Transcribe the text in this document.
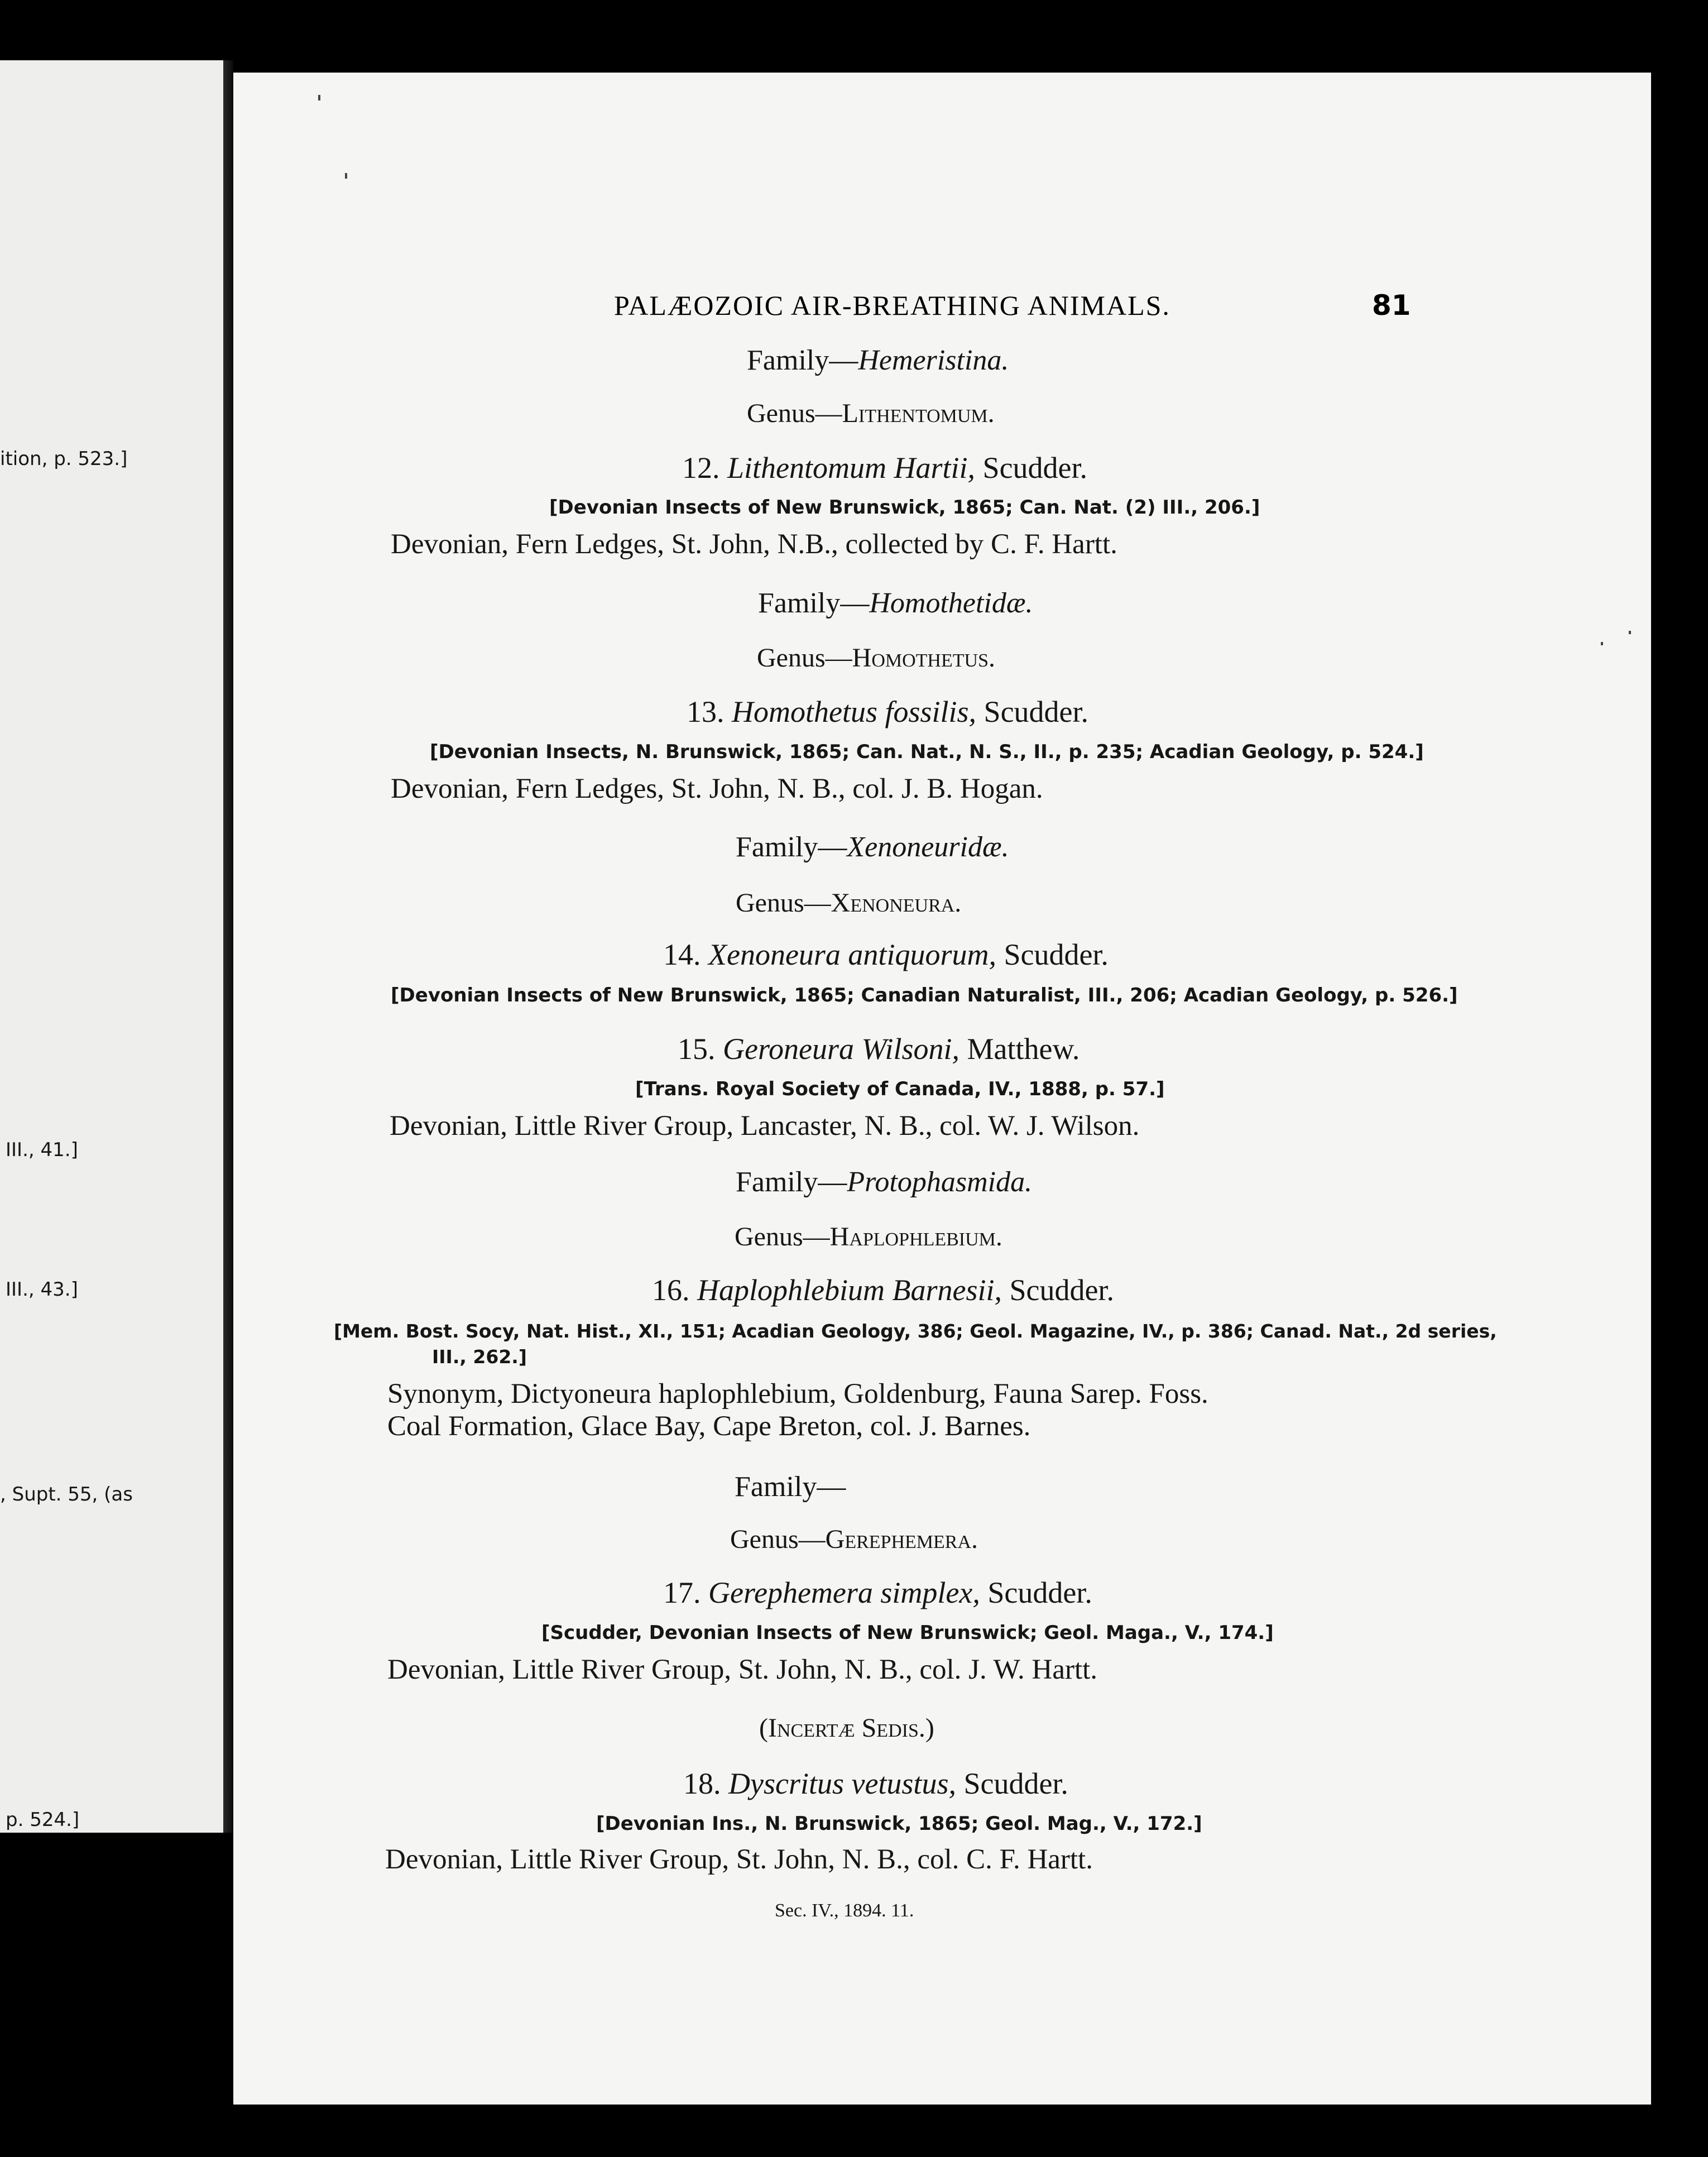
ition, p. 523.]

III., 41.]

III., 43.]

, Supt. 55, (as

p. 524.]

PALÆOZOIC AIR-BREATHING ANIMALS.	81

Family—Hemeristina.

Genus—Lithentomum.

12. Lithentomum Hartii, Scudder.

[Devonian Insects of New Brunswick, 1865; Can. Nat. (2) III., 206.]

Devonian, Fern Ledges, St. John, N.B., collected by C. F. Hartt.

Family—Homothetidæ.

Genus—Homothetus.

13. Homothetus fossilis, Scudder.

[Devonian Insects, N. Brunswick, 1865; Can. Nat., N. S., II., p. 235; Acadian Geology, p. 524.]

Devonian, Fern Ledges, St. John, N. B., col. J. B. Hogan.

Family—Xenoneuridæ.

Genus—Xenoneura.

14. Xenoneura antiquorum, Scudder.

[Devonian Insects of New Brunswick, 1865; Canadian Naturalist, III., 206; Acadian Geology, p. 526.]

15. Geroneura Wilsoni, Matthew.

[Trans. Royal Society of Canada, IV., 1888, p. 57.]

Devonian, Little River Group, Lancaster, N. B., col. W. J. Wilson.

Family—Protophasmida.

Genus—Haplophlebium.

16. Haplophlebium Barnesii, Scudder.

[Mem. Bost. Socy, Nat. Hist., XI., 151; Acadian Geology, 386; Geol. Magazine, IV., p. 386; Canad. Nat., 2d series,

III., 262.]

Synonym, Dictyoneura haplophlebium, Goldenburg, Fauna Sarep. Foss.

Coal Formation, Glace Bay, Cape Breton, col. J. Barnes.

Family—

Genus—Gerephemera.

17. Gerephemera simplex, Scudder.

[Scudder, Devonian Insects of New Brunswick; Geol. Maga., V., 174.]

Devonian, Little River Group, St. John, N. B., col. J. W. Hartt.

(Incertæ Sedis.)

18. Dyscritus vetustus, Scudder.

[Devonian Ins., N. Brunswick, 1865; Geol. Mag., V., 172.]

Devonian, Little River Group, St. John, N. B., col. C. F. Hartt.

Sec. IV., 1894. 11.
